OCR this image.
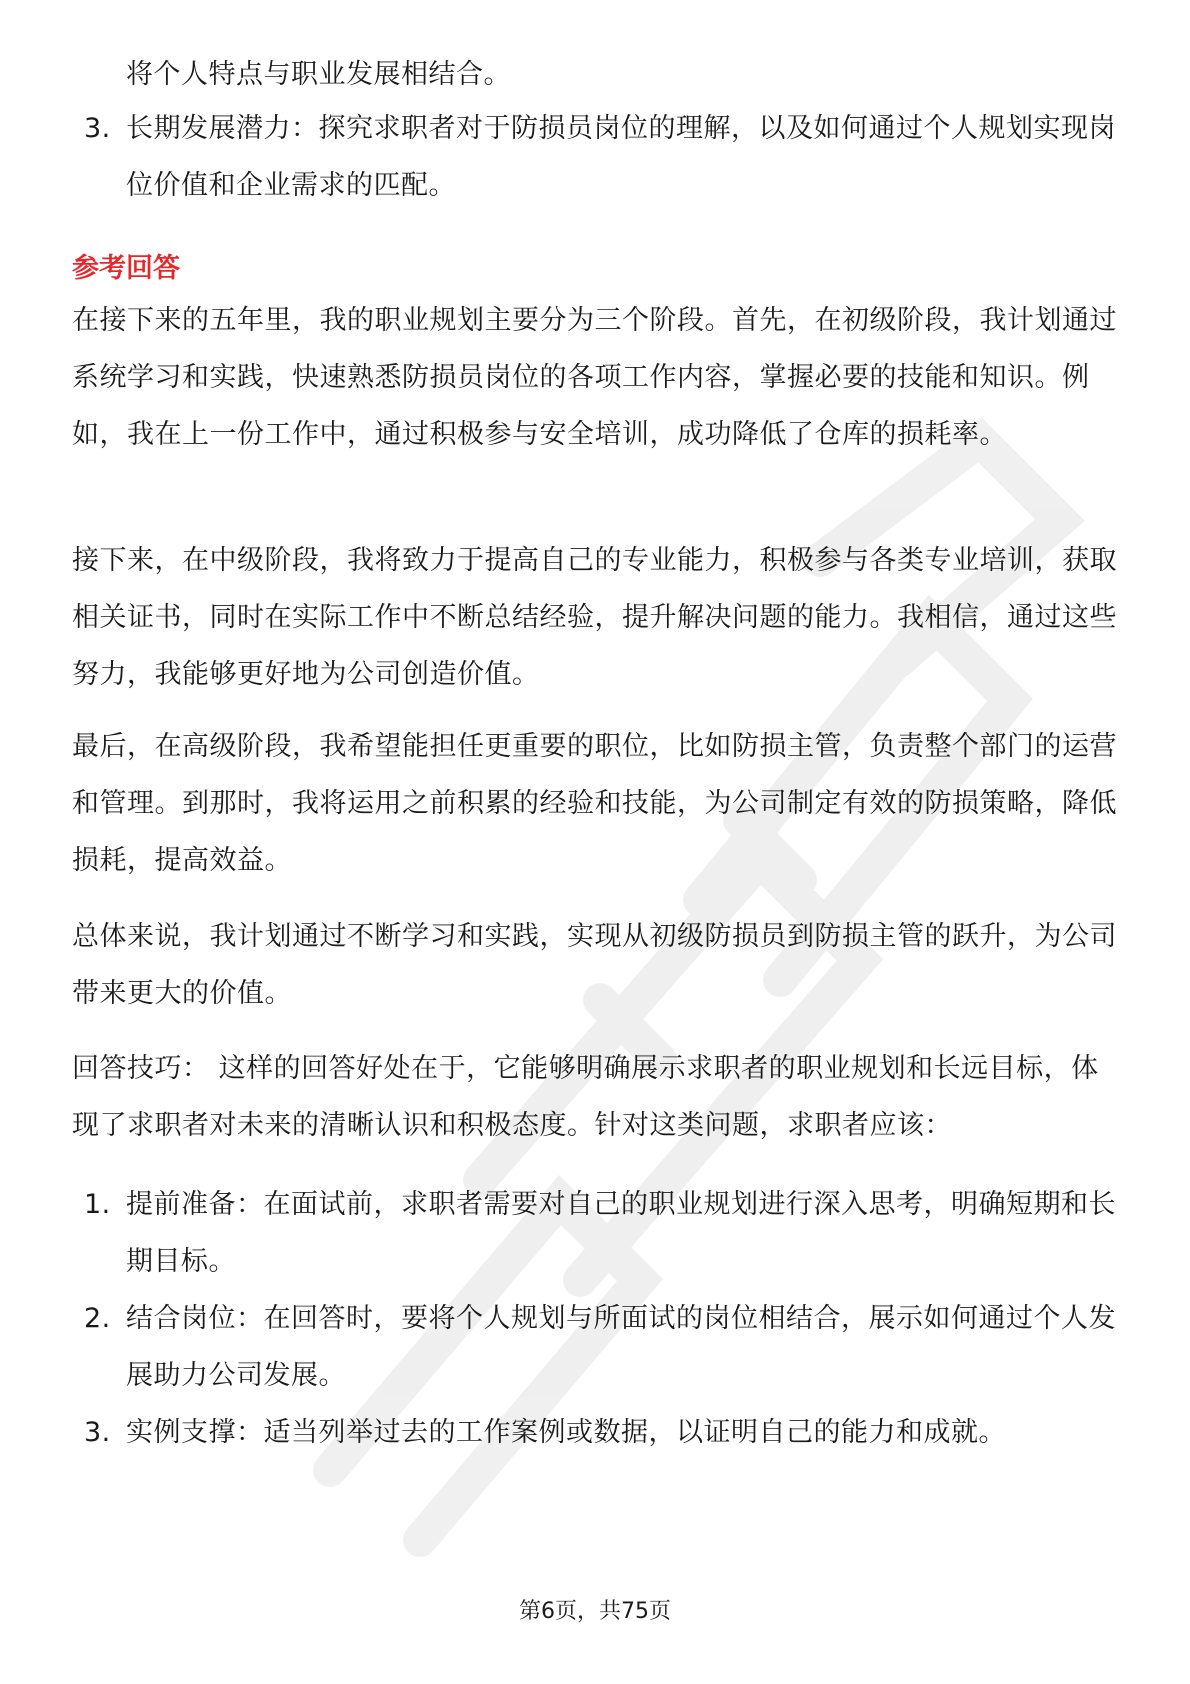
将个人特点与职业发展相结合。
3. 长期发展潜力：探究求职者对于防损员岗位的理解，以及如何通过个人规划实现岗位价值和企业需求的匹配。
参考回答

在接下来的五年里，我的职业规划主要分为三个阶段。首先，在初级阶段，我计划通过系统学习和实践，快速熟悉防损员岗位的各项工作内容，掌握必要的技能和知识。例如，我在上一份工作中，通过积极参与安全培训，成功降低了仓库的损耗率。

接下来，在中级阶段，我将致力于提高自己的专业能力，积极参与各类专业培训，获取相关证书，同时在实际工作中不断总结经验，提升解决问题的能力。我相信，通过这些努力，我能够更好地为公司创造价值。

最后，在高级阶段，我希望能担任更重要的职位，比如防损主管，负责整个部门的运营和管理。到那时，我将运用之前积累的经验和技能，为公司制定有效的防损策略，降低损耗，提高效益。

总体来说，我计划通过不断学习和实践，实现从初级防损员到防损主管的跃升，为公司带来更大的价值。

回答技巧： 这样的回答好处在于，它能够明确展示求职者的职业规划和长远目标，体现了求职者对未来的清晰认识和积极态度。针对这类问题，求职者应该：

1. 提前准备：在面试前，求职者需要对自己的职业规划进行深入思考，明确短期和长期目标。
2. 结合岗位：在回答时，要将个人规划与所面试的岗位相结合，展示如何通过个人发展助力公司发展。
3. 实例支撑：适当列举过去的工作案例或数据，以证明自己的能力和成就。
第6页，共75页
